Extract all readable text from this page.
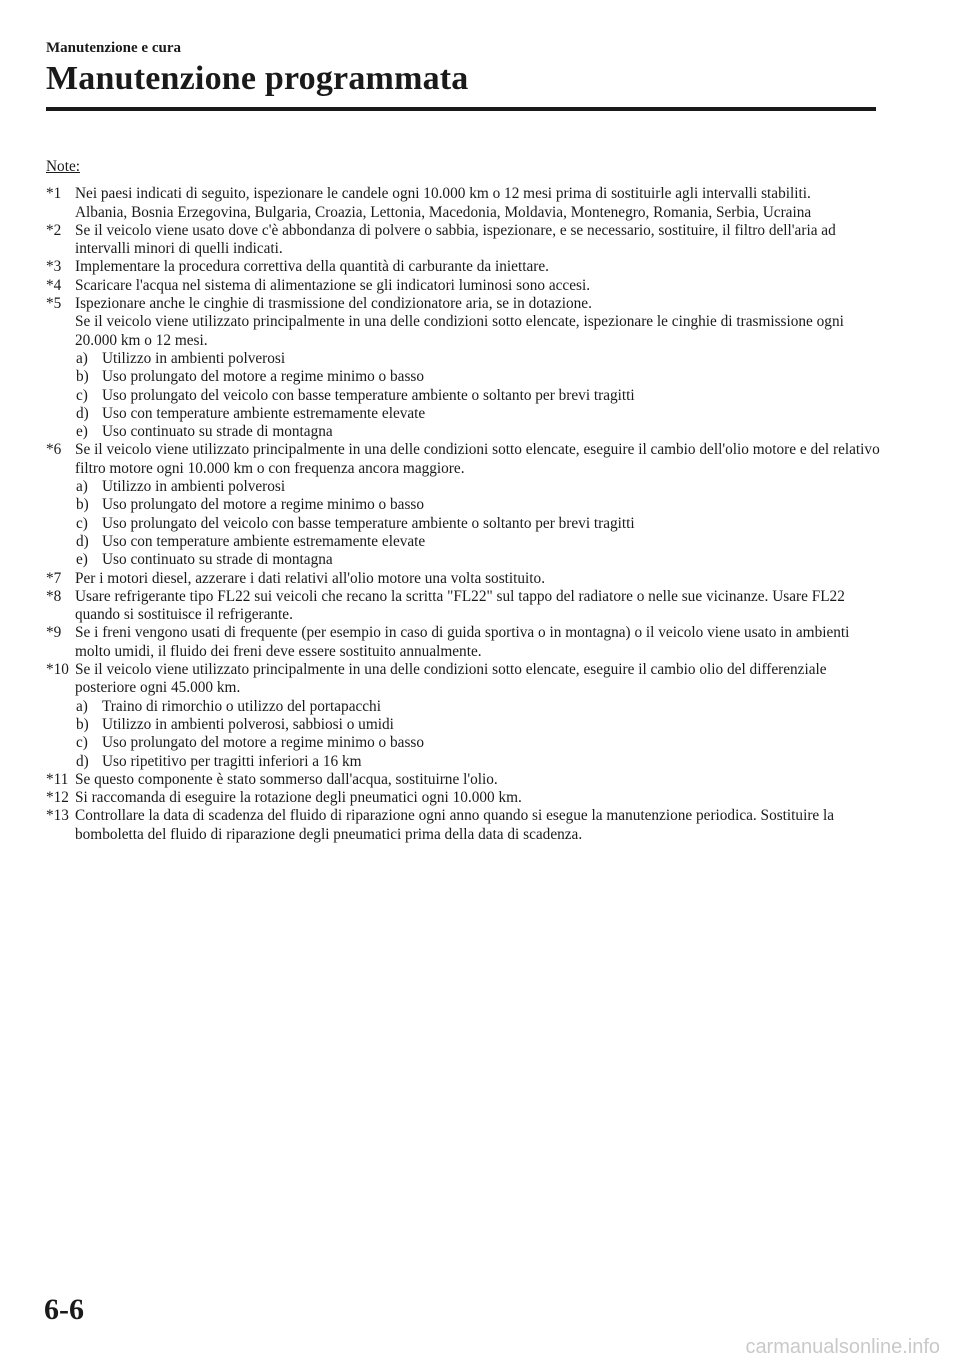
Manutenzione e cura
Manutenzione programmata
Note:
*1 Nei paesi indicati di seguito, ispezionare le candele ogni 10.000 km o 12 mesi prima di sostituirle agli intervalli stabiliti.
Albania, Bosnia Erzegovina, Bulgaria, Croazia, Lettonia, Macedonia, Moldavia, Montenegro, Romania, Serbia, Ucraina
*2 Se il veicolo viene usato dove c'è abbondanza di polvere o sabbia, ispezionare, e se necessario, sostituire, il filtro dell'aria ad intervalli minori di quelli indicati.
*3 Implementare la procedura correttiva della quantità di carburante da iniettare.
*4 Scaricare l'acqua nel sistema di alimentazione se gli indicatori luminosi sono accesi.
*5 Ispezionare anche le cinghie di trasmissione del condizionatore aria, se in dotazione.
Se il veicolo viene utilizzato principalmente in una delle condizioni sotto elencate, ispezionare le cinghie di trasmissione ogni 20.000 km o 12 mesi.
a) Utilizzo in ambienti polverosi
b) Uso prolungato del motore a regime minimo o basso
c) Uso prolungato del veicolo con basse temperature ambiente o soltanto per brevi tragitti
d) Uso con temperature ambiente estremamente elevate
e) Uso continuato su strade di montagna
*6 Se il veicolo viene utilizzato principalmente in una delle condizioni sotto elencate, eseguire il cambio dell'olio motore e del relativo filtro motore ogni 10.000 km o con frequenza ancora maggiore.
a) Utilizzo in ambienti polverosi
b) Uso prolungato del motore a regime minimo o basso
c) Uso prolungato del veicolo con basse temperature ambiente o soltanto per brevi tragitti
d) Uso con temperature ambiente estremamente elevate
e) Uso continuato su strade di montagna
*7 Per i motori diesel, azzerare i dati relativi all'olio motore una volta sostituito.
*8 Usare refrigerante tipo FL22 sui veicoli che recano la scritta "FL22" sul tappo del radiatore o nelle sue vicinanze. Usare FL22 quando si sostituisce il refrigerante.
*9 Se i freni vengono usati di frequente (per esempio in caso di guida sportiva o in montagna) o il veicolo viene usato in ambienti molto umidi, il fluido dei freni deve essere sostituito annualmente.
*10 Se il veicolo viene utilizzato principalmente in una delle condizioni sotto elencate, eseguire il cambio olio del differenziale posteriore ogni 45.000 km.
a) Traino di rimorchio o utilizzo del portapacchi
b) Utilizzo in ambienti polverosi, sabbiosi o umidi
c) Uso prolungato del motore a regime minimo o basso
d) Uso ripetitivo per tragitti inferiori a 16 km
*11 Se questo componente è stato sommerso dall'acqua, sostituirne l'olio.
*12 Si raccomanda di eseguire la rotazione degli pneumatici ogni 10.000 km.
*13 Controllare la data di scadenza del fluido di riparazione ogni anno quando si esegue la manutenzione periodica. Sostituire la bomboletta del fluido di riparazione degli pneumatici prima della data di scadenza.
6-6
carmanualsonline.info
